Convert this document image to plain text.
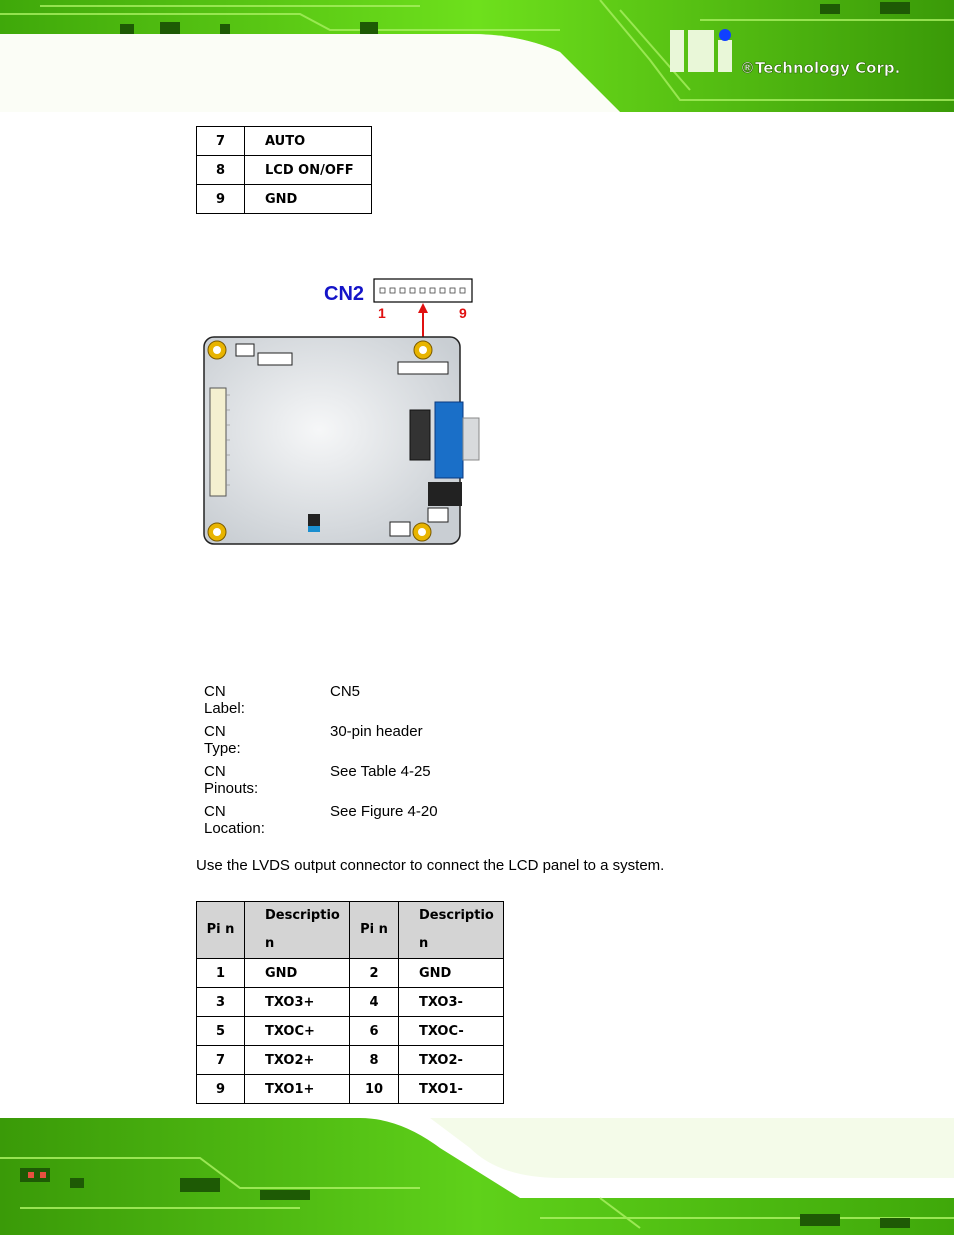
®Technology Corp.
7	AUTO
8	LCD ON/OFF
9	GND
CN2
1	9
CN Label:
CN5
CN Type:
30-pin header
CN Pinouts:
See Table 4-25
CN Location:
See Figure 4-20
Use the LVDS output connector to connect the LCD panel to a system.
Pi n	Descriptio n	Pi n	Descriptio n
1	GND	2	GND
3	TXO3+	4	TXO3-
5	TXOC+	6	TXOC-
7	TXO2+	8	TXO2-
9	TXO1+	10	TXO1-
